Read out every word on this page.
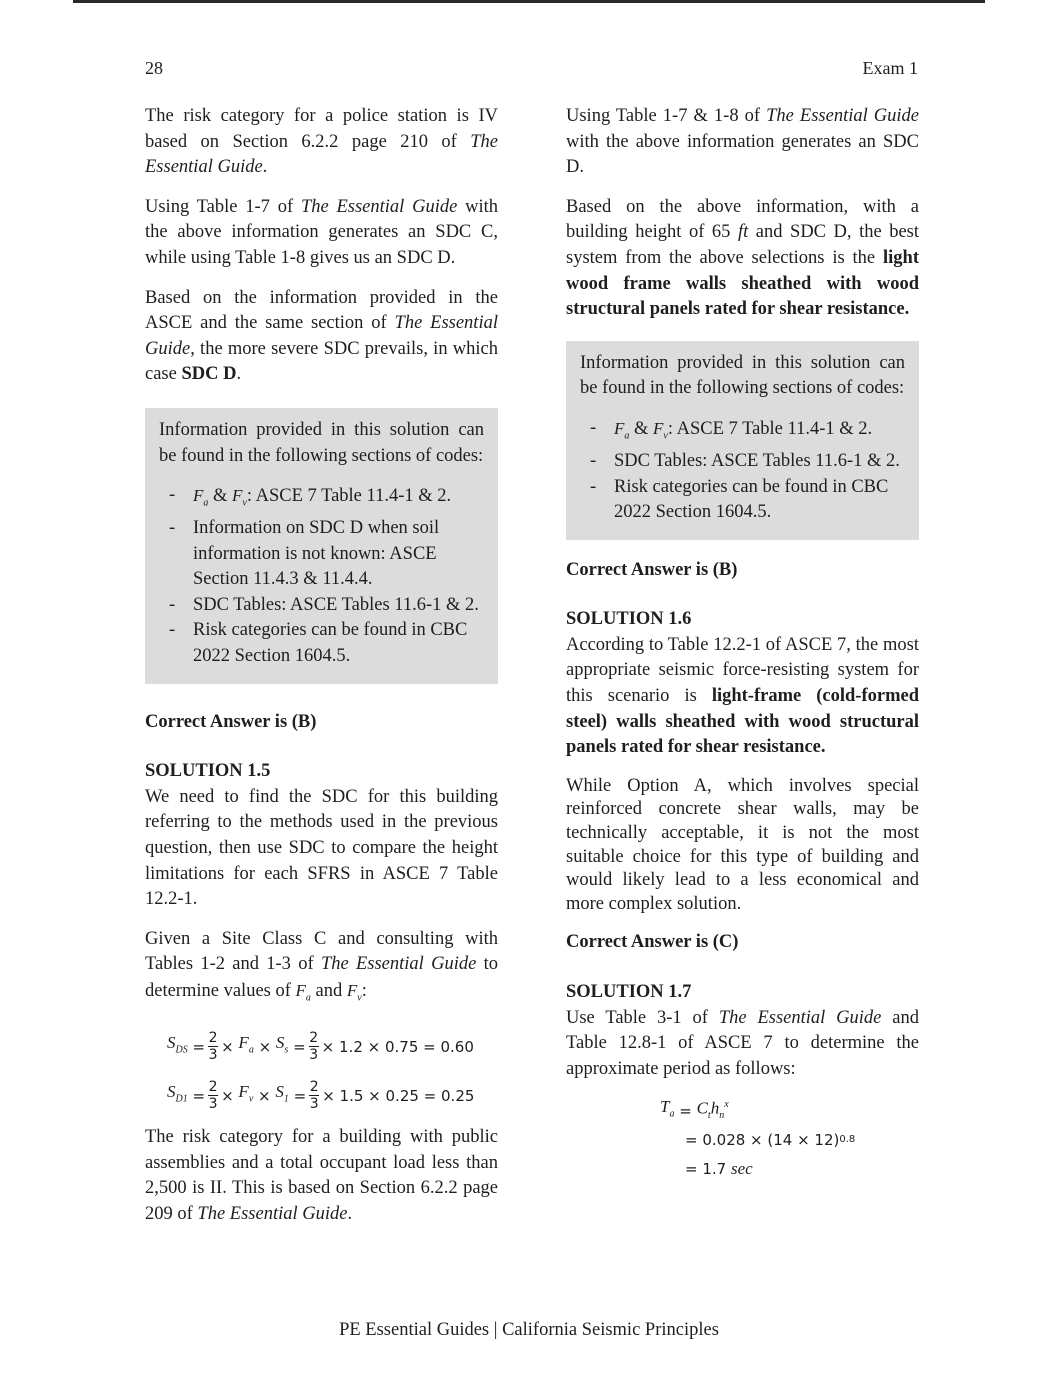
28	Exam 1

The risk category for a police station is IV based on Section 6.2.2 page 210 of The Essential Guide.

Using Table 1-7 of The Essential Guide with the above information generates an SDC C, while using Table 1-8 gives us an SDC D.

Based on the information provided in the ASCE and the same section of The Essential Guide, the more severe SDC prevails, in which case SDC D.

Information provided in this solution can be found in the following sections of codes:

- $F_a$ & $F_v$: ASCE 7 Table 11.4-1 & 2.
- Information on SDC D when soil information is not known: ASCE Section 11.4.3 & 11.4.4.
- SDC Tables: ASCE Tables 11.6-1 & 2.
- Risk categories can be found in CBC 2022 Section 1604.5.

Correct Answer is (B)

SOLUTION 1.5

We need to find the SDC for this building referring to the methods used in the previous question, then use SDC to compare the height limitations for each SFRS in ASCE 7 Table 12.2-1.

Given a Site Class C and consulting with Tables 1-2 and 1-3 of The Essential Guide to determine values of $F_a$ and $F_v$:

$S_{DS} = \frac{2}{3} \times F_a \times S_s = \frac{2}{3} \times 1.2 \times 0.75 = 0.60$
$S_{D1} = \frac{2}{3} \times F_v \times S_1 = \frac{2}{3} \times 1.5 \times 0.25 = 0.25$

The risk category for a building with public assemblies and a total occupant load less than 2,500 is II. This is based on Section 6.2.2 page 209 of The Essential Guide.

Using Table 1-7 & 1-8 of The Essential Guide with the above information generates an SDC D.

Based on the above information, with a building height of 65 ft and SDC D, the best system from the above selections is the light wood frame walls sheathed with wood structural panels rated for shear resistance.

Information provided in this solution can be found in the following sections of codes:

- $F_a$ & $F_v$: ASCE 7 Table 11.4-1 & 2.
- SDC Tables: ASCE Tables 11.6-1 & 2.
- Risk categories can be found in CBC 2022 Section 1604.5.

Correct Answer is (B)

SOLUTION 1.6

According to Table 12.2-1 of ASCE 7, the most appropriate seismic force-resisting system for this scenario is light-frame (cold-formed steel) walls sheathed with wood structural panels rated for shear resistance.

While Option A, which involves special reinforced concrete shear walls, may be technically acceptable, it is not the most suitable choice for this type of building and would likely lead to a less economical and more complex solution.

Correct Answer is (C)

SOLUTION 1.7

Use Table 3-1 of The Essential Guide and Table 12.8-1 of ASCE 7 to determine the approximate period as follows:

$T_a = C_th_n^x$
= 0.028 × (14 × 12) 0.8
= 1.7
sec
PE Essential Guides | California Seismic Principles
